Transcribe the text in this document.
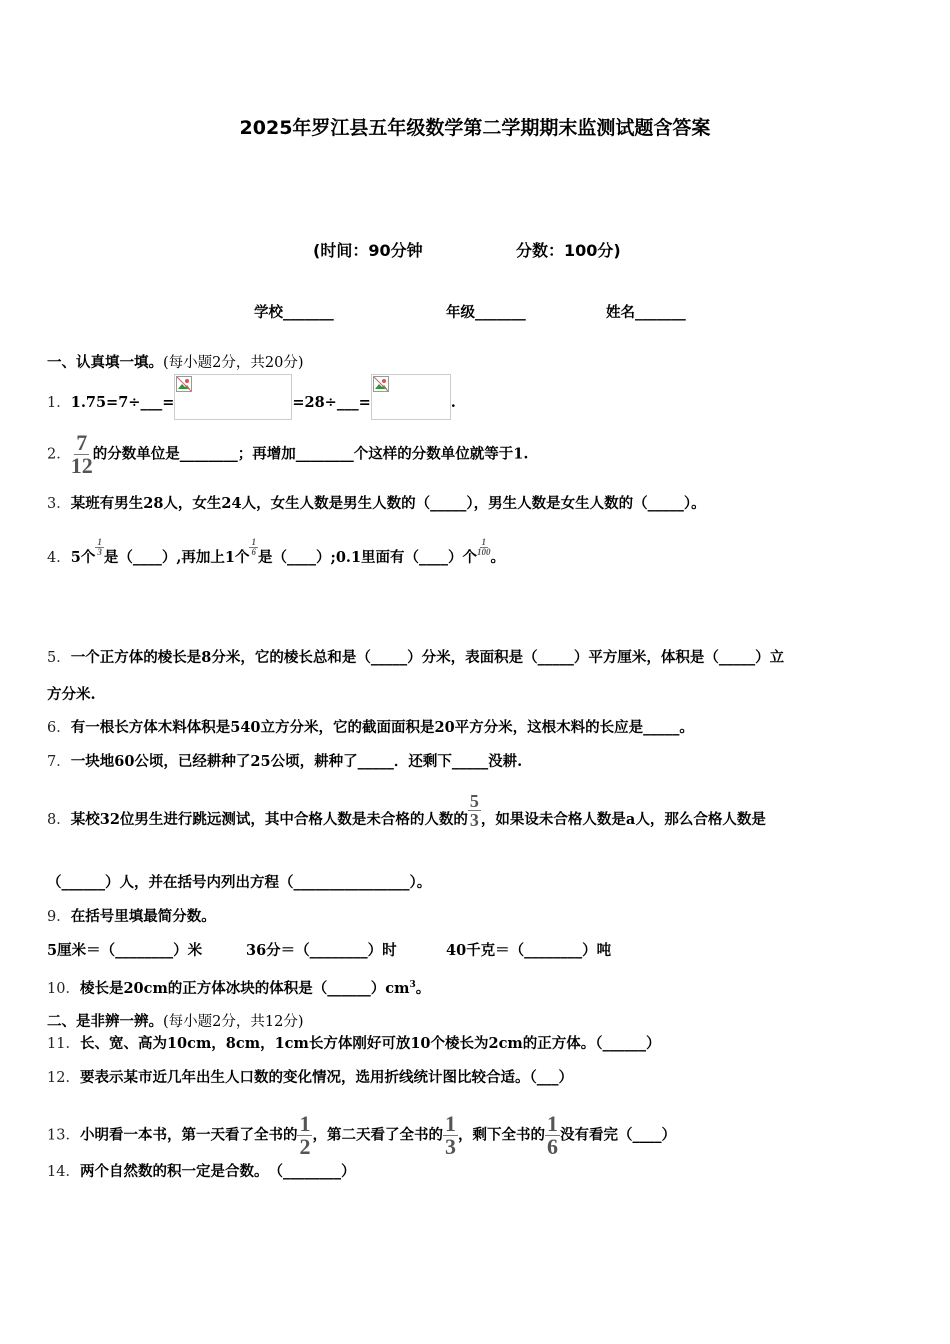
2025年罗江县五年级数学第二学期期末监测试题含答案
(时间：90分钟	分数：100分)
学校_______	年级_______	姓名_______
一、认真填一填。(每小题2分，共20分)
1．1.75=7÷___=	=28÷___=	.
2． $\frac{7}{12}$ 的分数单位是________；再增加________个这样的分数单位就等于1.
3．某班有男生28人，女生24人，女生人数是男生人数的（_____），男生人数是女生人数的（_____）。
4．5个
$\frac{1}{3}$
是（____）,再加上1个
$\frac{1}{6}$
是（____）;0.1里面有（____）个
$\frac{1}{100}$
。
5．一个正方体的棱长是8分米，它的棱长总和是（_____）分米，表面积是（_____）平方厘米，体积是（_____）立
方分米.
6．有一根长方体木料体积是540立方分米，它的截面面积是20平方分米，这根木料的长应是_____。
7．一块地60公顷，已经耕种了25公顷，耕种了_____．还剩下_____没耕.
8．某校32位男生进行跳远测试，其中合格人数是未合格的人数的 $\frac{5}{3}$ ，如果设未合格人数是a人，那么合格人数是
（______）人，并在括号内列出方程（________________）。
9．在括号里填最简分数。
5厘米＝（________）米	36分＝（________）时	40千克＝（________）吨
10．棱长是20cm的正方体冰块的体积是$(\_\_\_\_\_\_)cm^3$。
二、是非辨一辨。(每小题2分，共12分)
11．长、宽、高为10cm，8cm，1cm长方体刚好可放10个棱长为2cm的正方体。（______）
12．要表示某市近几年出生人口数的变化情况，选用折线统计图比较合适。（___）
13．小明看一本书，第一天看了全书的 $\frac{1}{2}$ ，第二天看了全书的 $\frac{1}{3}$ ，剩下全书的 $\frac{1}{6}$ 没有看完（____）
14．两个自然数的积一定是合数。　（________）
